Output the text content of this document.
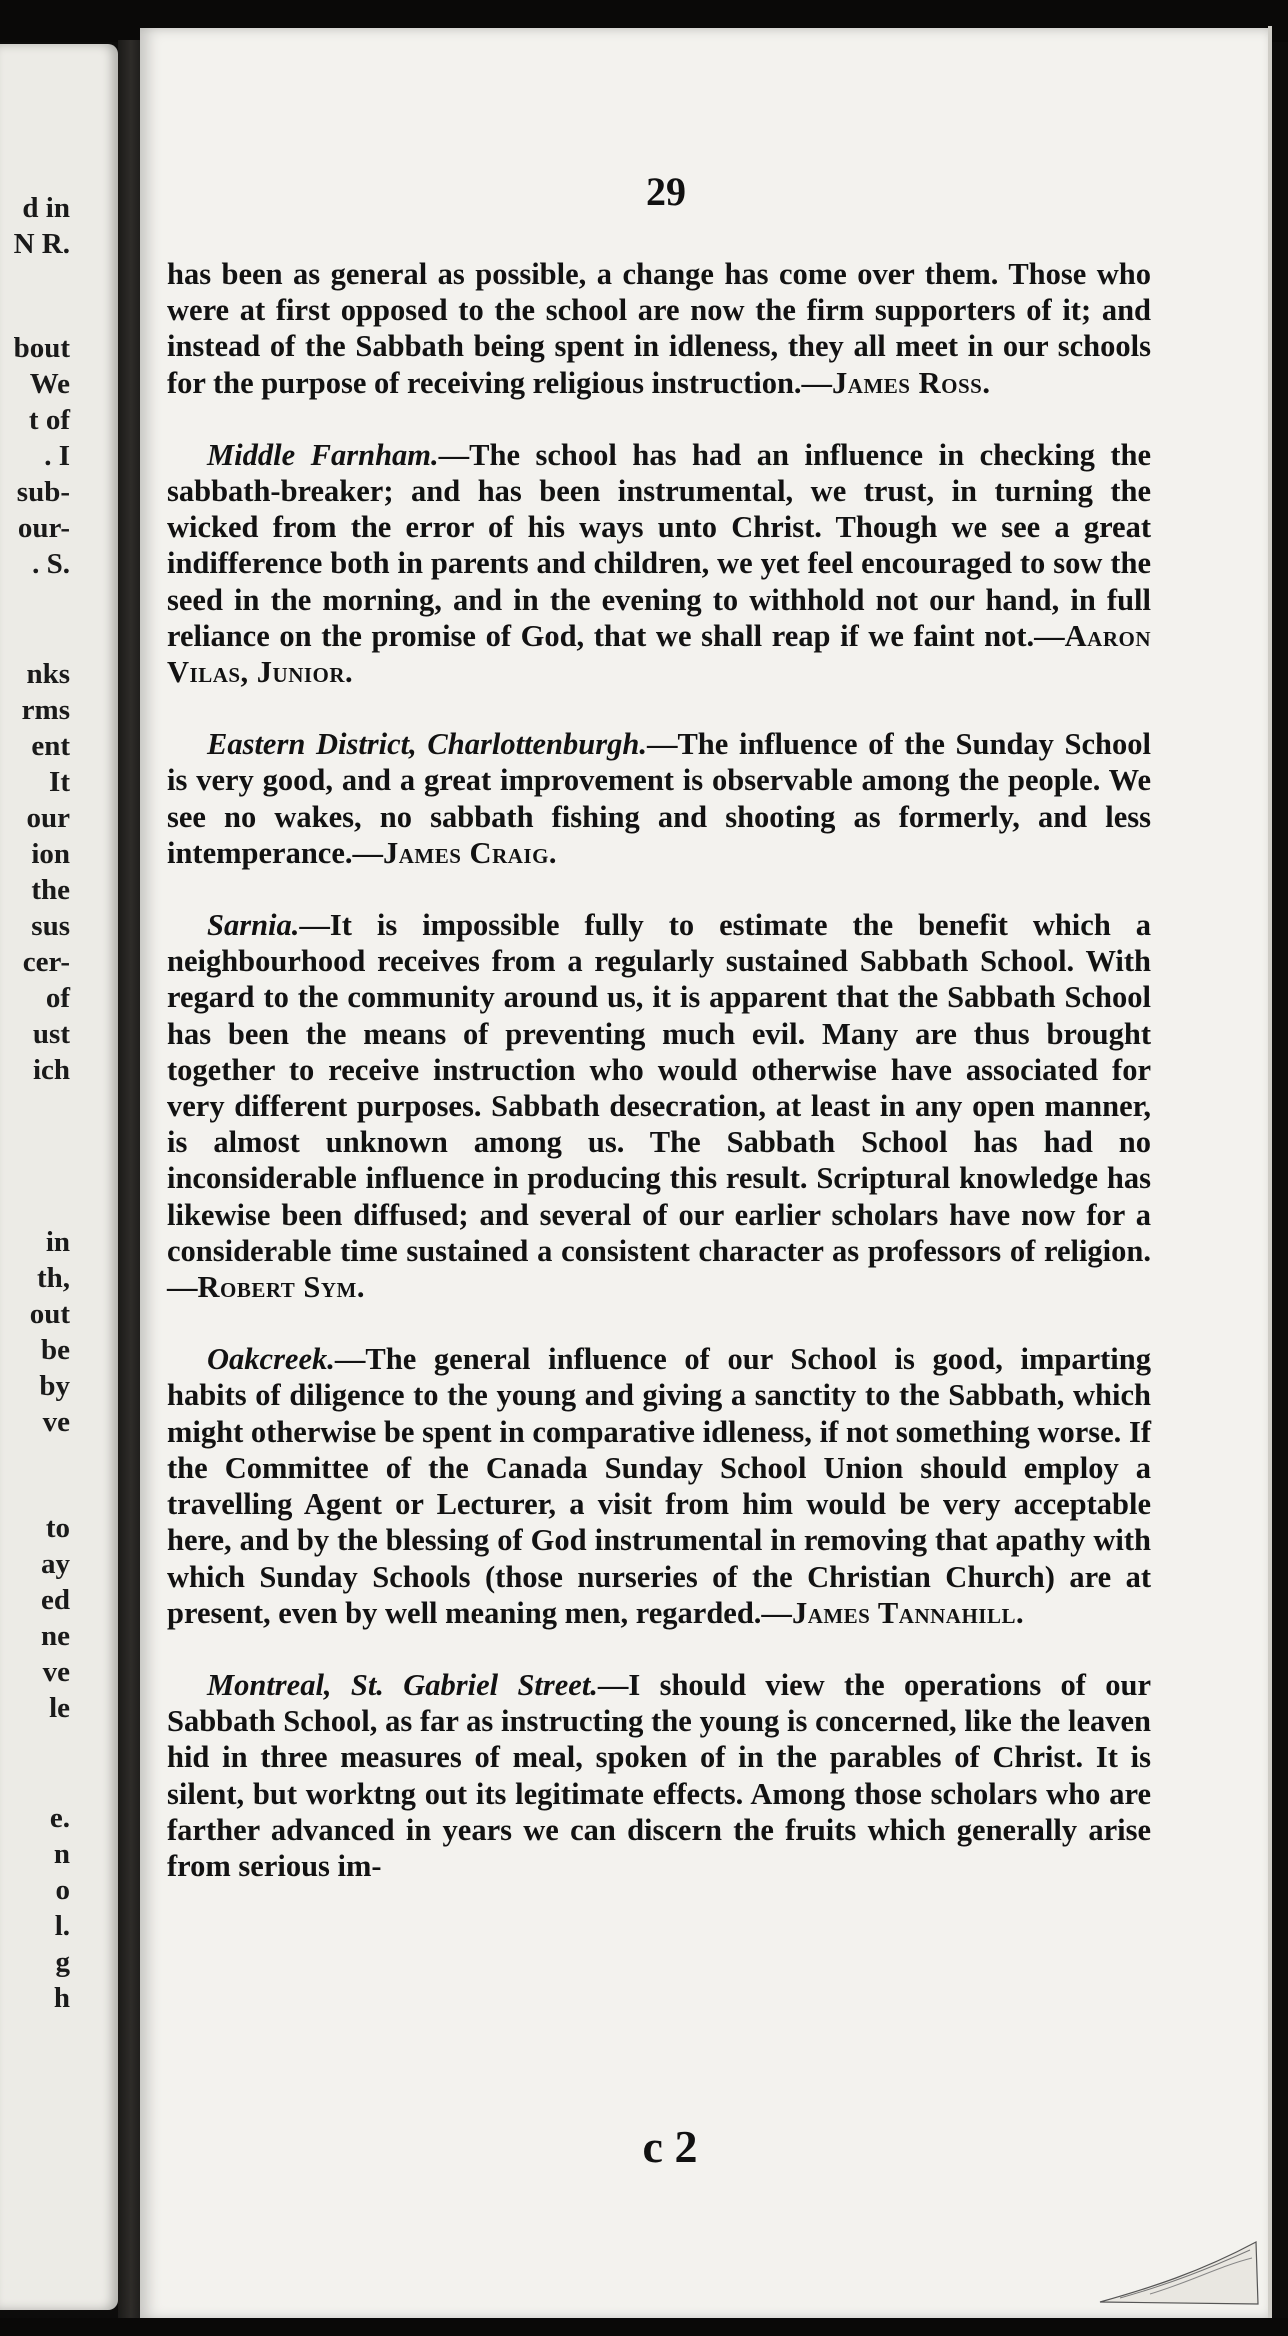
d in
N R.
bout
We
t of
. I
sub-
our-
. S.
nks
rms
ent
It
our
ion
the
sus
cer-
of
ust
ich
in
th,
out
be
by
ve
to
ay
ed
ne
ve
le
e.
n
o
l.
g
h
29

has been as general as possible, a change has come over them. Those who were at first opposed to the school are now the firm supporters of it; and instead of the Sabbath being spent in idleness, they all meet in our schools for the purpose of receiving religious instruction.—James Ross.

Middle Farnham.—The school has had an influence in checking the sabbath-breaker; and has been instrumental, we trust, in turning the wicked from the error of his ways unto Christ. Though we see a great indifference both in parents and children, we yet feel encouraged to sow the seed in the morning, and in the evening to withhold not our hand, in full reliance on the promise of God, that we shall reap if we faint not.—Aaron Vilas, Junior.

Eastern District, Charlottenburgh.—The influence of the Sunday School is very good, and a great improvement is observable among the people. We see no wakes, no sabbath fishing and shooting as formerly, and less intemperance.—James Craig.

Sarnia.—It is impossible fully to estimate the benefit which a neighbourhood receives from a regularly sustained Sabbath School. With regard to the community around us, it is apparent that the Sabbath School has been the means of preventing much evil. Many are thus brought together to receive instruction who would otherwise have associated for very different purposes. Sabbath desecration, at least in any open manner, is almost unknown among us. The Sabbath School has had no inconsiderable influence in producing this result. Scriptural knowledge has likewise been diffused; and several of our earlier scholars have now for a considerable time sustained a consistent character as professors of religion.—Robert Sym.

Oakcreek.—The general influence of our School is good, imparting habits of diligence to the young and giving a sanctity to the Sabbath, which might otherwise be spent in comparative idleness, if not something worse. If the Committee of the Canada Sunday School Union should employ a travelling Agent or Lecturer, a visit from him would be very acceptable here, and by the blessing of God instrumental in removing that apathy with which Sunday Schools (those nurseries of the Christian Church) are at present, even by well meaning men, regarded.—James Tannahill.

Montreal, St. Gabriel Street.—I should view the operations of our Sabbath School, as far as instructing the young is concerned, like the leaven hid in three measures of meal, spoken of in the parables of Christ. It is silent, but worktng out its legitimate effects. Among those scholars who are farther advanced in years we can discern the fruits which generally arise from serious im-

c 2
